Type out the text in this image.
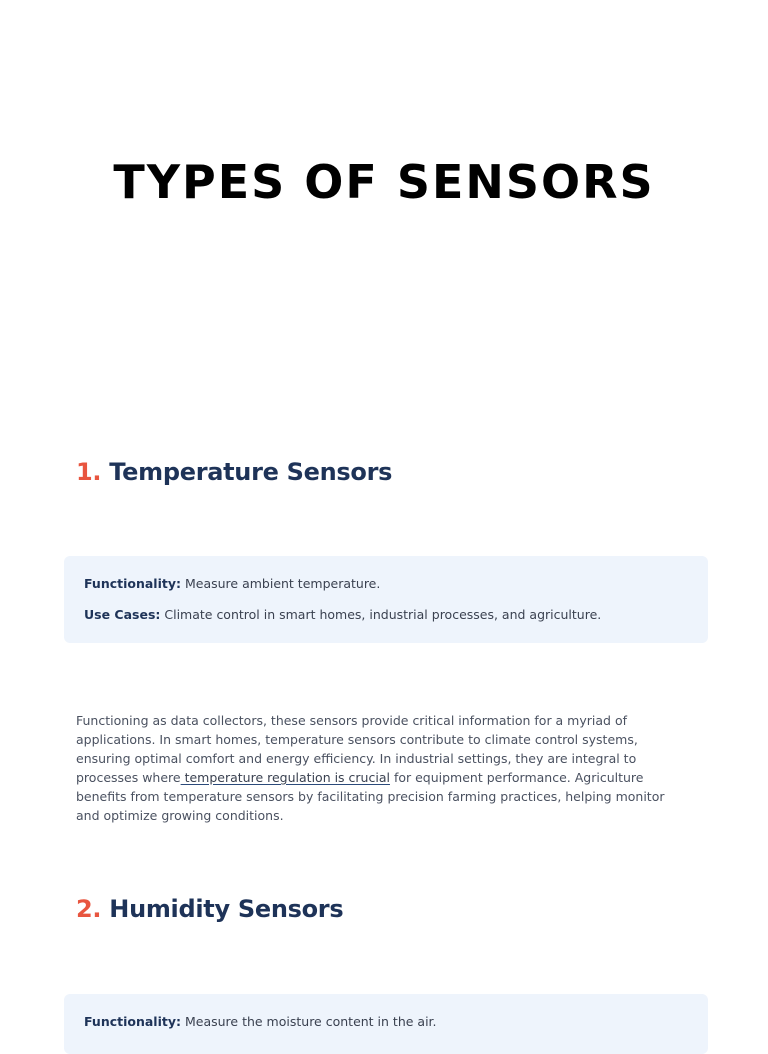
TYPES OF SENSORS
1. Temperature Sensors
Functionality: Measure ambient temperature.
Use Cases: Climate control in smart homes, industrial processes, and agriculture.
Functioning as data collectors, these sensors provide critical information for a myriad of
applications. In smart homes, temperature sensors contribute to climate control systems,
ensuring optimal comfort and energy efficiency. In industrial settings, they are integral to
processes where temperature regulation is crucial for equipment performance. Agriculture
benefits from temperature sensors by facilitating precision farming practices, helping monitor
and optimize growing conditions.
2. Humidity Sensors
Functionality: Measure the moisture content in the air.
